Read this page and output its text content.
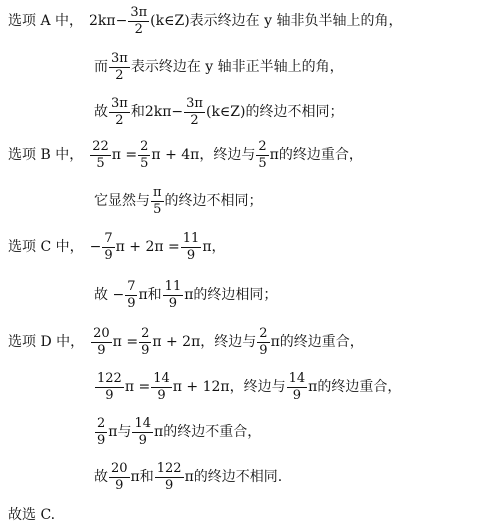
选项 A 中， $2k\pi- \frac{3\pi}{2}$ (k∈Z) 表示终边在 y 轴非负半轴上的角，
而 $\frac{3\pi}{2}$ 表示终边在 y 轴非正半轴上的角，
故 $\frac{3\pi}{2}$ 和 $2k\pi- \frac{3\pi}{2}$ (k∈Z) 的终边不相同；
选项 B 中， $\frac{22}{5}$ $\pi = \frac{2}{5}$ π + 4π， 终边与 $\frac{2}{5}$ π的终边重合，
它显然与 $\frac{\pi}{5}$ 的终边不相同；
选项 C 中， − $\frac{7}{9}$ $\pi + 2\pi = \frac{11}{9}$ π，
故 − $\frac{7}{9}$ π和 $\frac{11}{9}$ π的终边相同；
选项 D 中， $\frac{20}{9}$ $\pi = \frac{2}{9}$ π + 2π， 终边与 $\frac{2}{9}$ π的终边重合，
$\frac{122}{9}$ $\pi = \frac{14}{9}$ π + 12π， 终边与 $\frac{14}{9}$ π的终边重合，
$\frac{2}{9}$ π与 $\frac{14}{9}$ π的终边不重合，
故 $\frac{20}{9}$ π和 $\frac{122}{9}$ π的终边不相同.
故选 C.
